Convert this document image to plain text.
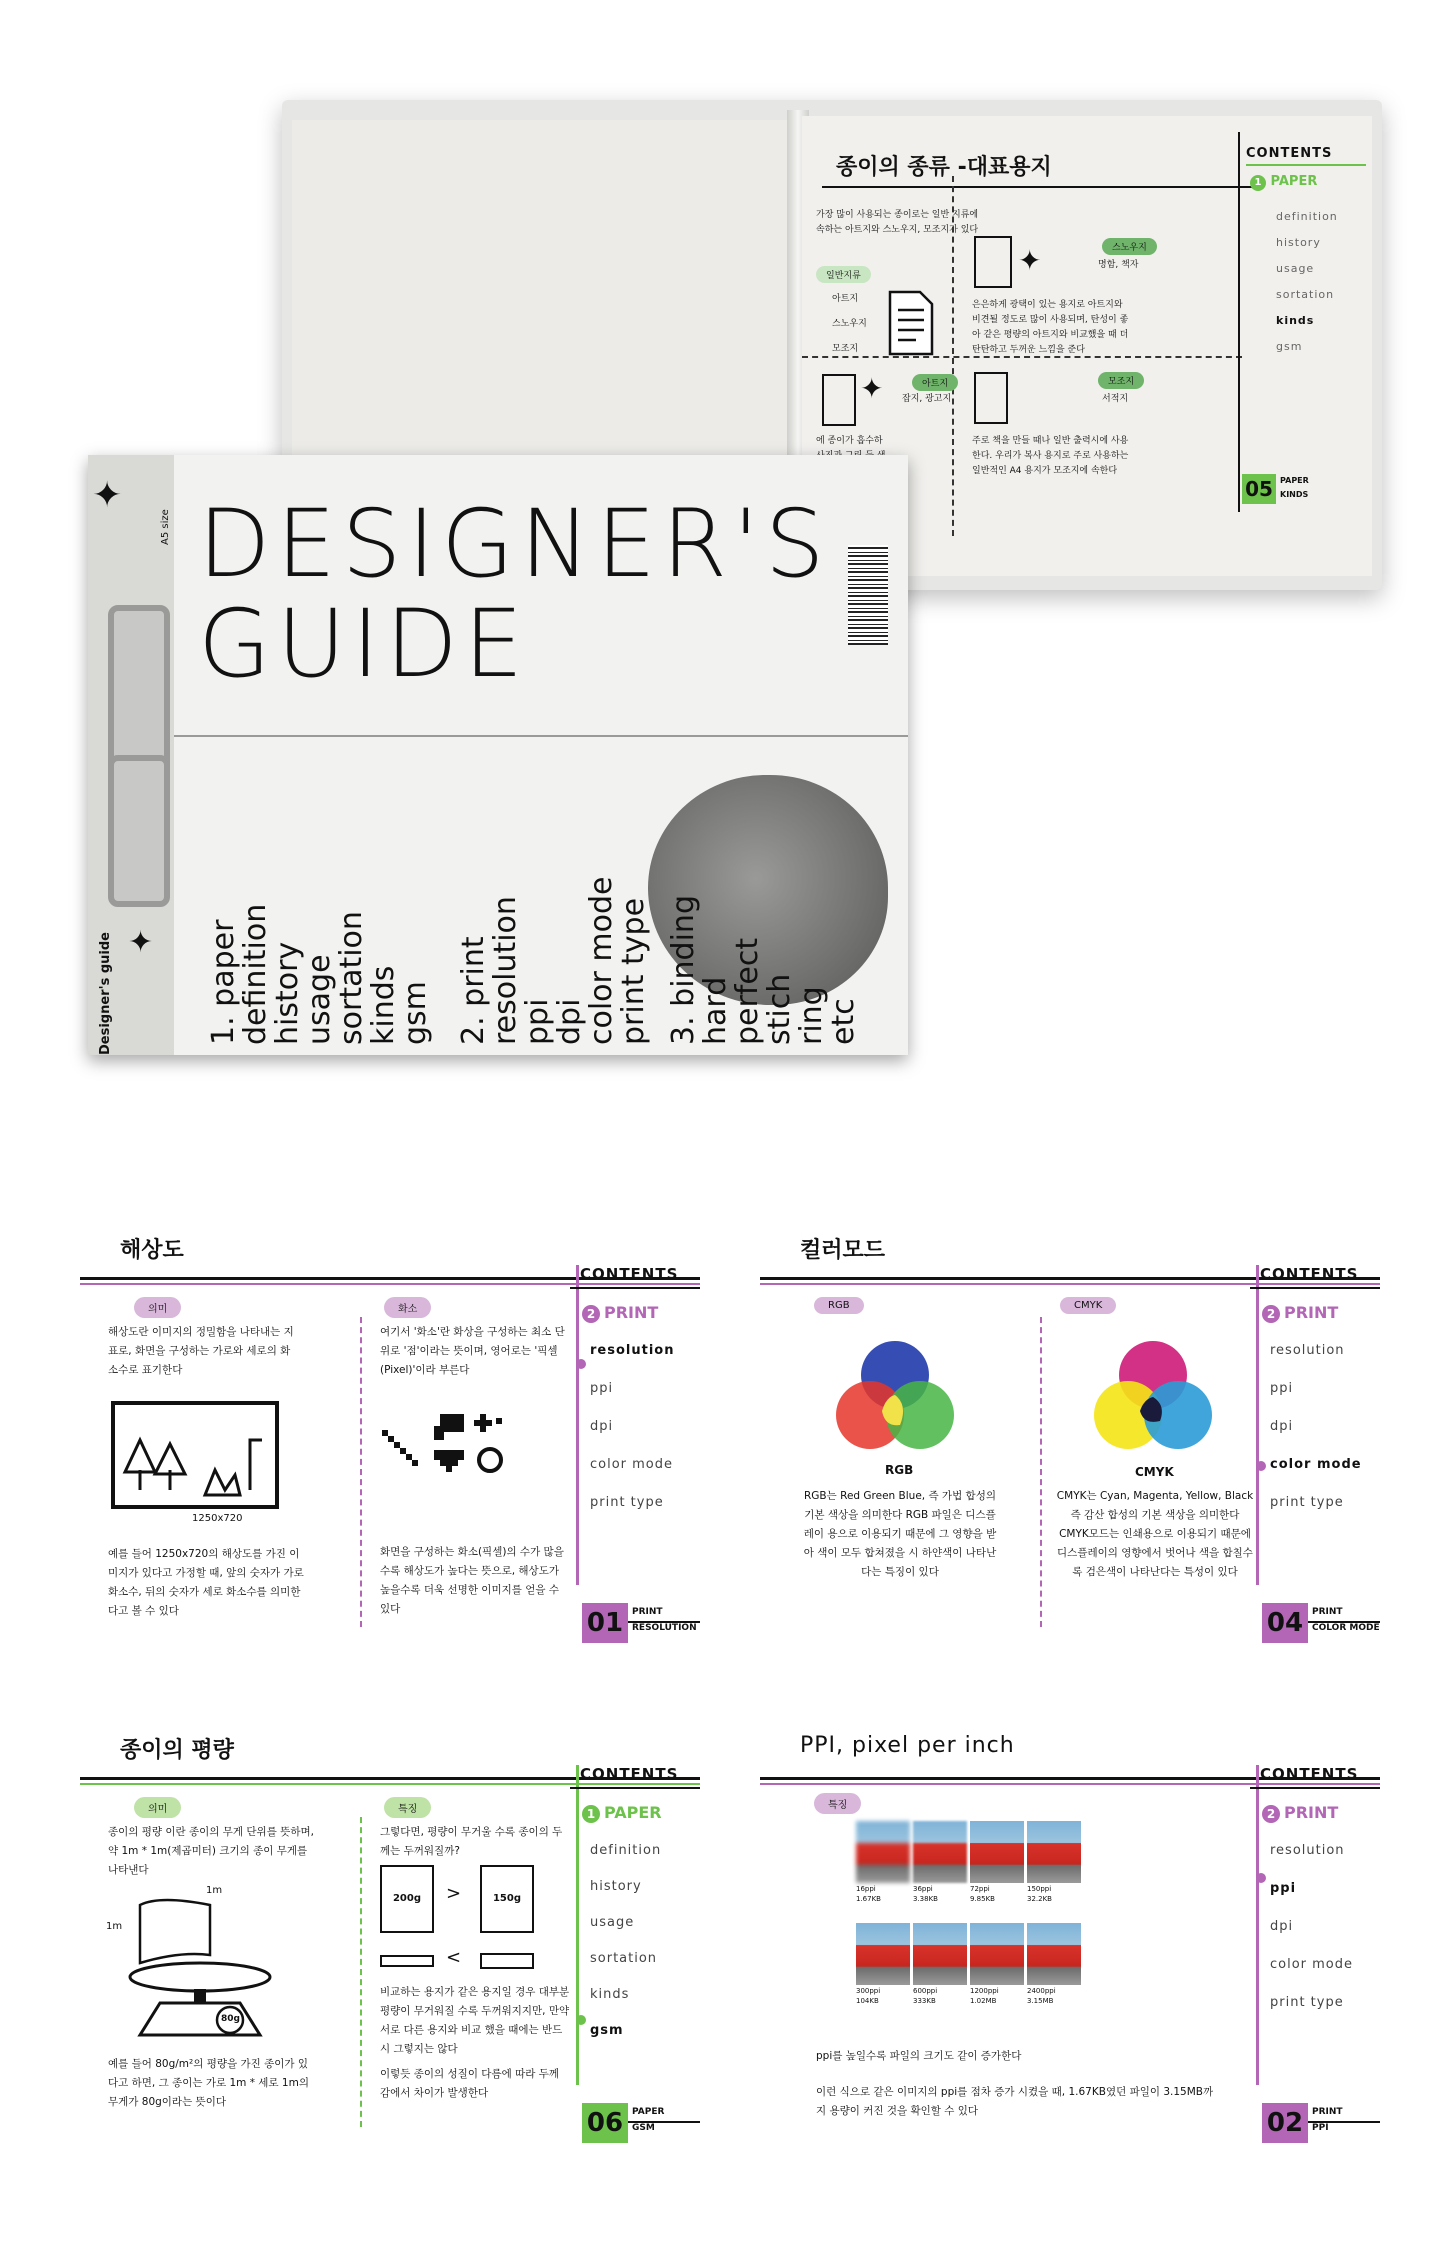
종이의 종류 -대표용지
가장 많이 사용되는 종이로는 일반 지류에
속하는 아트지와 스노우지, 모조지가 있다
일반지류
아트지
스노우지
모조지
✦	스노우지
명함, 책자
은은하게 광택이 있는 용지로 아트지와
비견될 정도로 많이 사용되며, 탄성이 좋
아 같은 평량의 아트지와 비교했을 때 더
탄탄하고 두꺼운 느낌을 준다
✦	아트지
잡지, 광고지
에 종이가 흡수하
모조지
서적지
주로 책을 만들 때나 일반 출력시에 사용
한다. 우리가 복사 용지로 주로 사용하는
일반적인 A4 용지가 모조지에 속한다
CONTENTS
1 PAPER
definition
history
usage
sortation
kinds
gsm
05 PAPER
KINDS
✦
✦
Designer's guide
A5 size DESIGNER'S
GUIDE
1. paper
definition
history
usage
sortation
kinds
gsm 2. print
resolution
ppi
dpi
color mode
print type
3. binding
hard
perfect
stich
ring
etc
해상도
CONTENTS
2 PRINT
resolution
ppi
dpi
color mode
print type
01 PRINT
RESOLUTION
의미
해상도란 이미지의 정밀함을 나타내는 지표로, 화면을 구성하는 가로와 세로의 화소수로 표기한다
1250x720
예를 들어 1250x720의 해상도를 가진 이미지가 있다고 가정할 때, 앞의 숫자가 가로 화소수, 뒤의 숫자가 세로 화소수를 의미한다고 볼 수 있다
화소
여기서 '화소'란 화상을 구성하는 최소 단위로 '점'이라는 뜻이며, 영어로는 '픽셀(Pixel)'이라 부른다
화면을 구성하는 화소(픽셀)의 수가 많을수록 해상도가 높다는 뜻으로, 해상도가 높을수록 더욱 선명한 이미지를 얻을 수 있다
컬러모드
CONTENTS
2 PRINT
resolution
ppi
dpi
color mode
print type
04 PRINT
COLOR MODE
RGB
RGB
RGB는 Red Green Blue, 즉 가법 합성의 기본 색상을 의미한다 RGB 파일은 디스플레이 용으로 이용되기 때문에 그 영향을 받아 색이 모두 합쳐졌을 시 하얀색이 나타난다는 특징이 있다
CMYK
CMYK
CMYK는 Cyan, Magenta, Yellow, Black 즉 감산 합성의 기본 색상을 의미한다 CMYK모드는 인쇄용으로 이용되기 때문에 디스플레이의 영향에서 벗어나 색을 합칠수록 검은색이 나타난다는 특성이 있다
종이의 평량
CONTENTS
1 PAPER
definition
history
usage
sortation
kinds
gsm
06 PAPER
GSM
의미
종이의 평량 이란 종이의 무게 단위를 뜻하며, 약 1m * 1m(제곱미터) 크기의 종이 무게를 나타낸다
1m
1m
80g
예를 들어 80g/m²의 평량을 가진 종이가 있다고 하면, 그 종이는 가로 1m * 세로 1m의 무게가 80g이라는 뜻이다
특징
그렇다면, 평량이 무거울 수록 종이의 두께는 두꺼워질까?
200g	>	150g
<
비교하는 용지가 같은 용지일 경우 대부분 평량이 무거워질 수록 두꺼워지지만, 만약 서로 다른 용지와 비교 했을 때에는 반드시 그렇지는 않다
이렇듯 종이의 성질이 다름에 따라 두께 감에서 차이가 발생한다
PPI, pixel per inch
CONTENTS
2 PRINT
resolution
ppi
dpi
color mode
print type
02 PRINT
PPI
특징
ppi를 높일수록 파일의 크기도 같이 증가한다
이런 식으로 같은 이미지의 ppi를 점차 증가 시켰을 때, 1.67KB였던 파일이 3.15MB까지 용량이 커진 것을 확인할 수 있다
16ppi
1.67KB
36ppi
3.38KB
72ppi
9.85KB
150ppi
32.2KB
300ppi
104KB
600ppi
333KB
1200ppi
1.02MB
2400ppi
3.15MB
